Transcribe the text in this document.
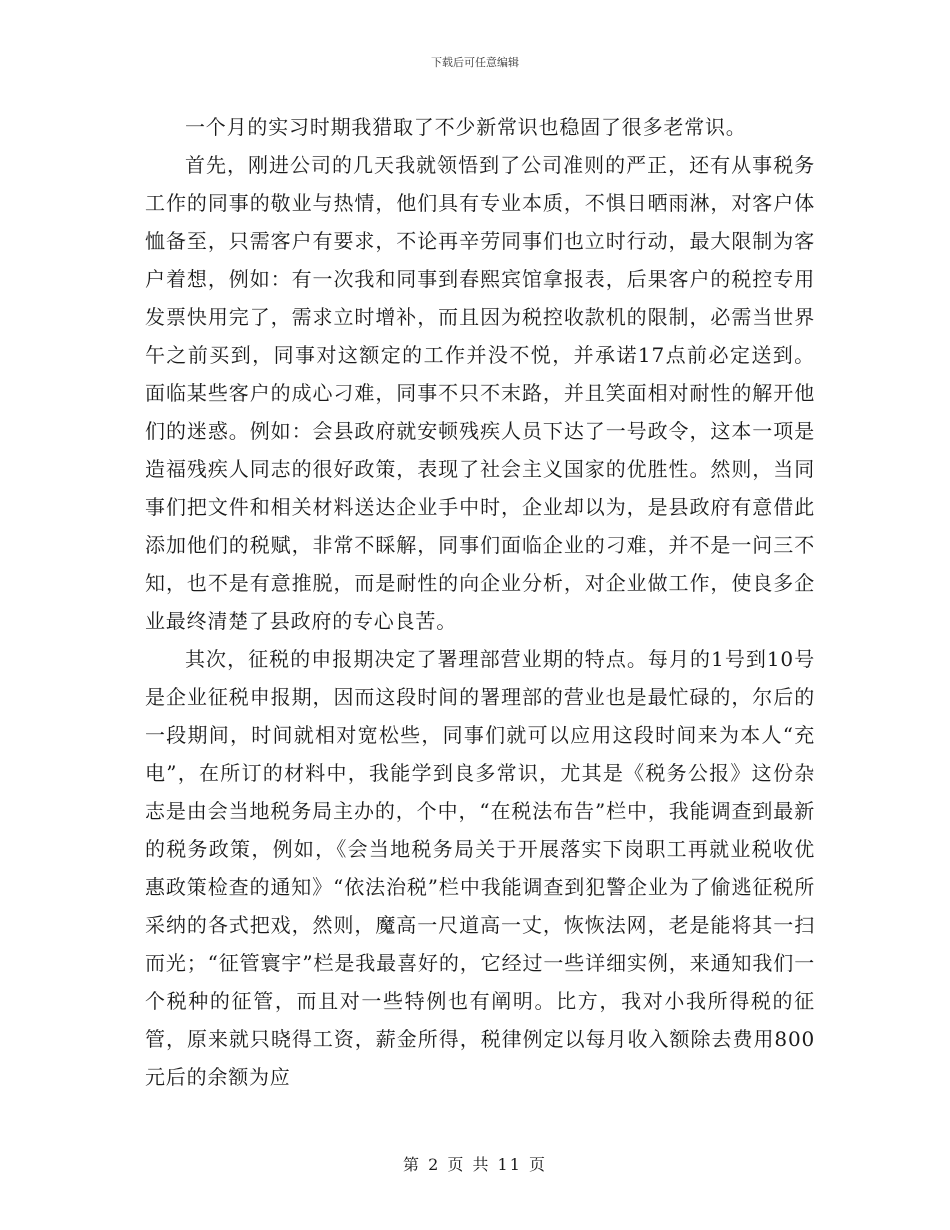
下载后可任意编辑

一个月的实习时期我猎取了不少新常识也稳固了很多老常识。

首先，刚进公司的几天我就领悟到了公司准则的严正，还有从事税务工作的同事的敬业与热情，他们具有专业本质，不惧日晒雨淋，对客户体恤备至，只需客户有要求，不论再辛劳同事们也立时行动，最大限制为客户着想，例如：有一次我和同事到春熙宾馆拿报表，后果客户的税控专用发票快用完了，需求立时增补，而且因为税控收款机的限制，必需当世界午之前买到，同事对这额定的工作并没不悦，并承诺17点前必定送到。面临某些客户的成心刁难，同事不只不末路，并且笑面相对耐性的解开他们的迷惑。例如：会县政府就安顿残疾人员下达了一号政令，这本一项是造福残疾人同志的很好政策，表现了社会主义国家的优胜性。然则，当同事们把文件和相关材料送达企业手中时，企业却以为，是县政府有意借此添加他们的税赋，非常不睬解，同事们面临企业的刁难，并不是一问三不知，也不是有意推脱，而是耐性的向企业分析，对企业做工作，使良多企业最终清楚了县政府的专心良苦。

其次，征税的申报期决定了署理部营业期的特点。每月的1号到10号是企业征税申报期，因而这段时间的署理部的营业也是最忙碌的，尔后的一段期间，时间就相对宽松些，同事们就可以应用这段时间来为本人“充电”，在所订的材料中，我能学到良多常识，尤其是《税务公报》这份杂志是由会当地税务局主办的，个中，“在税法布告”栏中，我能调查到最新的税务政策，例如，《会当地税务局关于开展落实下岗职工再就业税收优惠政策检查的通知》“依法治税”栏中我能调查到犯警企业为了偷逃征税所采纳的各式把戏，然则，魔高一尺道高一丈，恢恢法网，老是能将其一扫而光；“征管寰宇”栏是我最喜好的，它经过一些详细实例，来通知我们一个税种的征管，而且对一些特例也有阐明。比方，我对小我所得税的征管，原来就只晓得工资，薪金所得，税律例定以每月收入额除去费用800元后的余额为应

第 2 页 共 11 页
